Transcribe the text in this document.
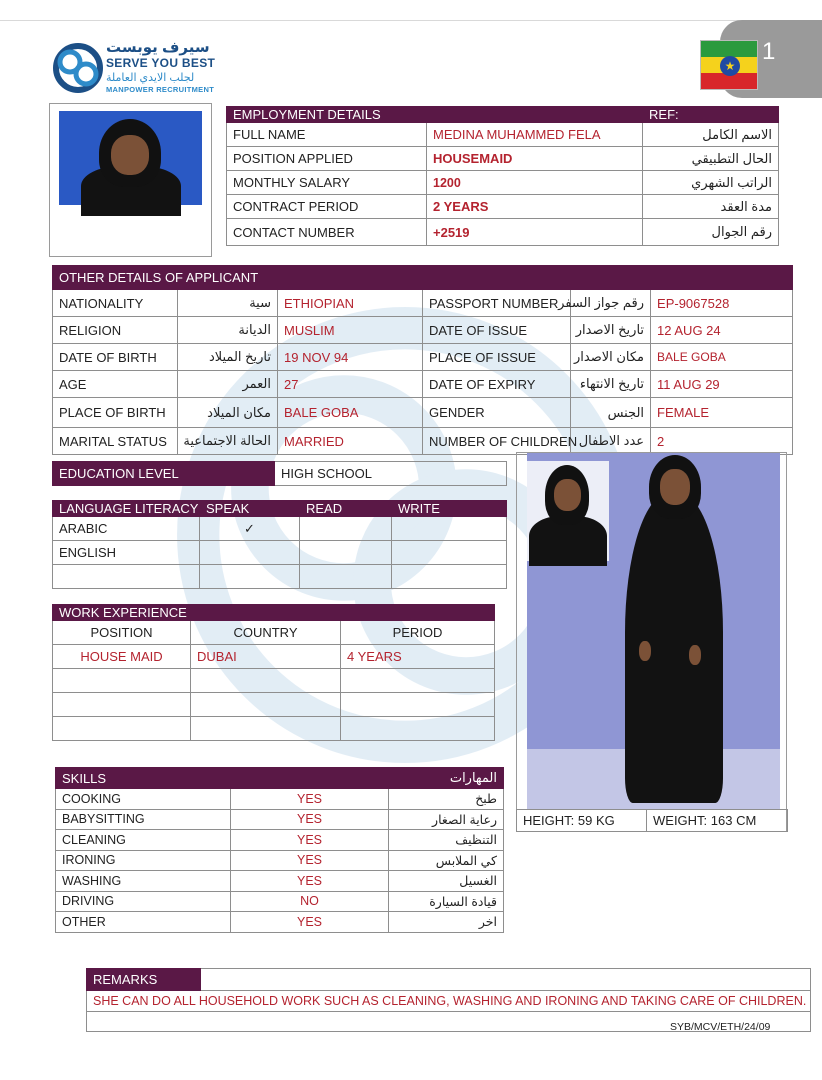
سيرف يوبست
SERVE YOU BEST
لجلب الايدي العاملة
MANPOWER RECRUITMENT
1
★
EMPLOYMENT DETAILS		REF:
FULL NAME	MEDINA MUHAMMED FELA	الاسم الكامل
POSITION APPLIED	HOUSEMAID	الحال التطبيقي
MONTHLY SALARY	1200	الراتب الشهري
CONTRACT PERIOD	2 YEARS	مدة العقد
CONTACT NUMBER	+2519	رقم الجوال
OTHER DETAILS OF APPLICANT					
NATIONALITY	سية	ETHIOPIAN	PASSPORT NUMBER	رقم جواز السفر	EP-9067528
RELIGION	الديانة	MUSLIM	DATE OF ISSUE	تاريخ الاصدار	12 AUG 24
DATE OF BIRTH	تاريخ الميلاد	19 NOV 94	PLACE OF ISSUE	مكان الاصدار	BALE GOBA
AGE	العمر	27	DATE OF EXPIRY	تاريخ الانتهاء	11 AUG 29
PLACE OF BIRTH	مكان الميلاد	BALE GOBA	GENDER	الجنس	FEMALE
MARITAL STATUS	الحالة الاجتماعية	MARRIED	NUMBER OF CHILDREN	عدد الاطفال	2
EDUCATION LEVEL	HIGH SCHOOL
LANGUAGE LITERACY	SPEAK	READ	WRITE
ARABIC	✓		
ENGLISH			

WORK EXPERIENCE		
POSITION	COUNTRY	PERIOD
HOUSE MAID	DUBAI	4 YEARS

SKILLS		المهارات
COOKING	YES	طبخ
BABYSITTING	YES	رعاية الصغار
CLEANING	YES	التنظيف
IRONING	YES	كي الملابس
WASHING	YES	الغسيل
DRIVING	NO	قيادة السيارة
OTHER	YES	اخر
HEIGHT: 59 KG	WEIGHT: 163 CM
REMARKS	
SHE CAN DO ALL HOUSEHOLD WORK SUCH AS CLEANING, WASHING AND IRONING AND TAKING CARE OF CHILDREN.

SYB/MCV/ETH/24/09
